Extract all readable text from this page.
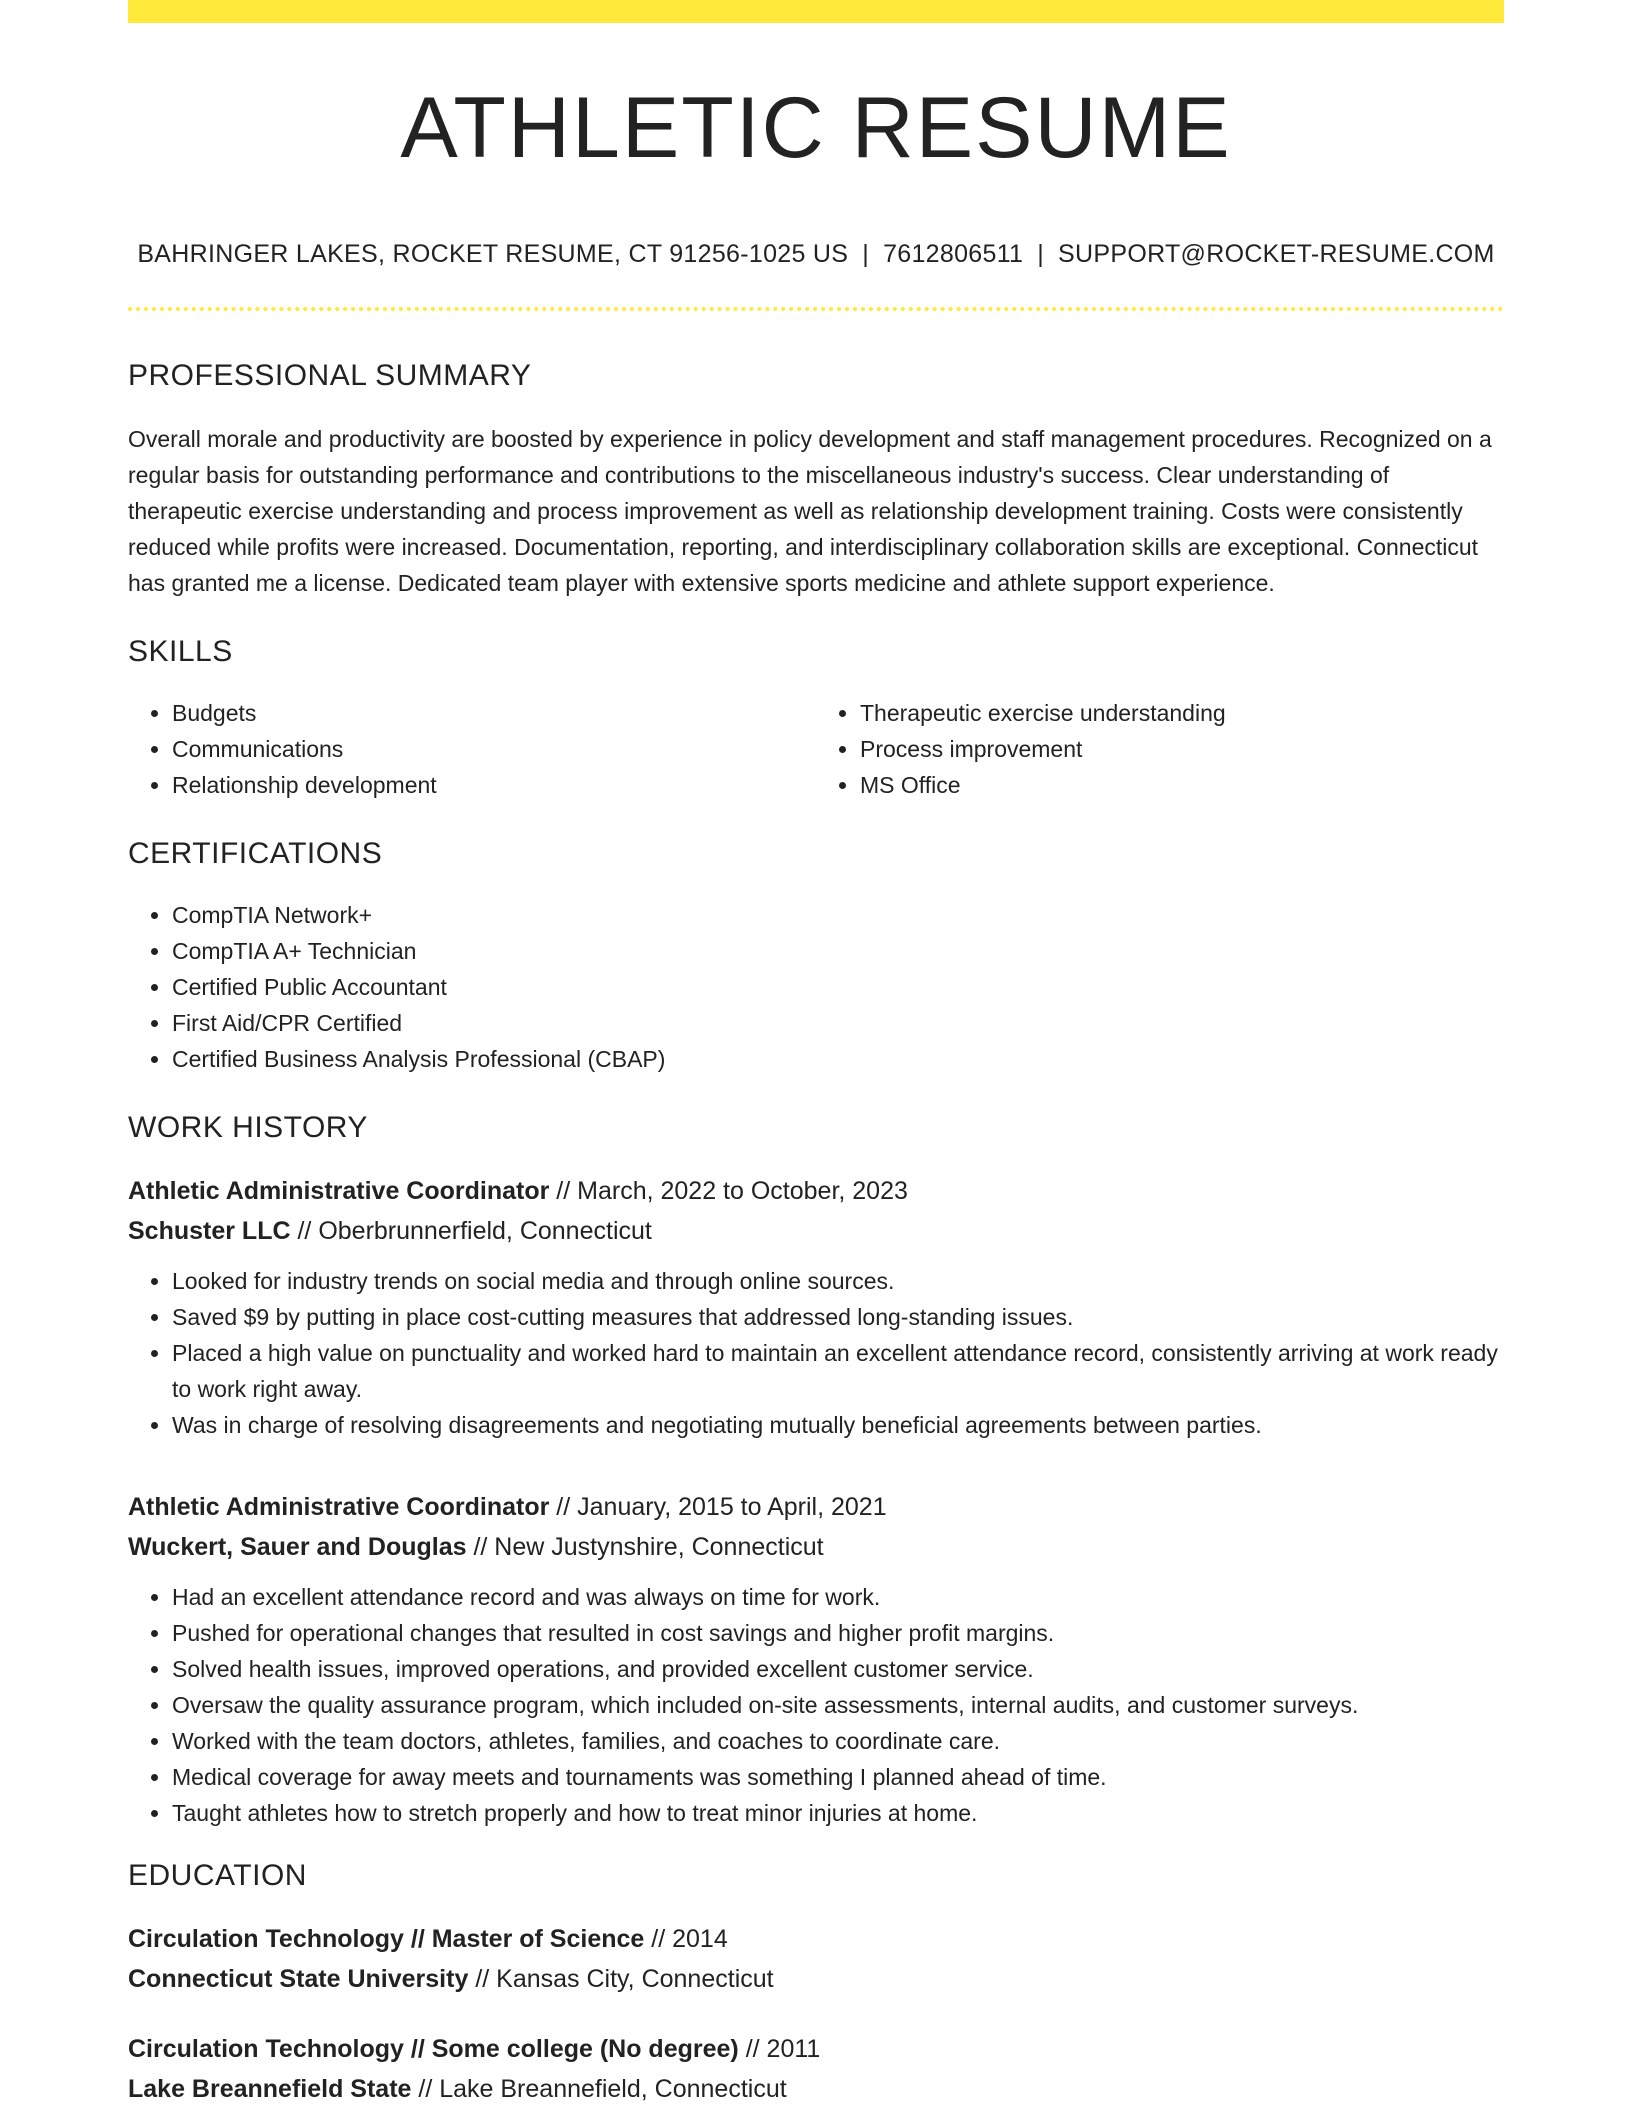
ATHLETIC RESUME
BAHRINGER LAKES, ROCKET RESUME, CT 91256-1025 US | 7612806511 | SUPPORT@ROCKET-RESUME.COM
PROFESSIONAL SUMMARY

Overall morale and productivity are boosted by experience in policy development and staff management procedures. Recognized on a regular basis for outstanding performance and contributions to the miscellaneous industry's success. Clear understanding of therapeutic exercise understanding and process improvement as well as relationship development training. Costs were consistently reduced while profits were increased. Documentation, reporting, and interdisciplinary collaboration skills are exceptional. Connecticut has granted me a license. Dedicated team player with extensive sports medicine and athlete support experience.

SKILLS
• Budgets
• Communications
• Relationship development
• Therapeutic exercise understanding
• Process improvement
• MS Office
CERTIFICATIONS
• CompTIA Network+
• CompTIA A+ Technician
• Certified Public Accountant
• First Aid/CPR Certified
• Certified Business Analysis Professional (CBAP)
WORK HISTORY
Athletic Administrative Coordinator // March, 2022 to October, 2023
Schuster LLC // Oberbrunnerfield, Connecticut
• Looked for industry trends on social media and through online sources.
• Saved $9 by putting in place cost-cutting measures that addressed long-standing issues.
• Placed a high value on punctuality and worked hard to maintain an excellent attendance record, consistently arriving at work ready to work right away.
• Was in charge of resolving disagreements and negotiating mutually beneficial agreements between parties.
Athletic Administrative Coordinator // January, 2015 to April, 2021
Wuckert, Sauer and Douglas // New Justynshire, Connecticut
• Had an excellent attendance record and was always on time for work.
• Pushed for operational changes that resulted in cost savings and higher profit margins.
• Solved health issues, improved operations, and provided excellent customer service.
• Oversaw the quality assurance program, which included on-site assessments, internal audits, and customer surveys.
• Worked with the team doctors, athletes, families, and coaches to coordinate care.
• Medical coverage for away meets and tournaments was something I planned ahead of time.
• Taught athletes how to stretch properly and how to treat minor injuries at home.
EDUCATION
Circulation Technology // Master of Science // 2014
Connecticut State University // Kansas City, Connecticut
Circulation Technology // Some college (No degree) // 2011
Lake Breannefield State // Lake Breannefield, Connecticut
